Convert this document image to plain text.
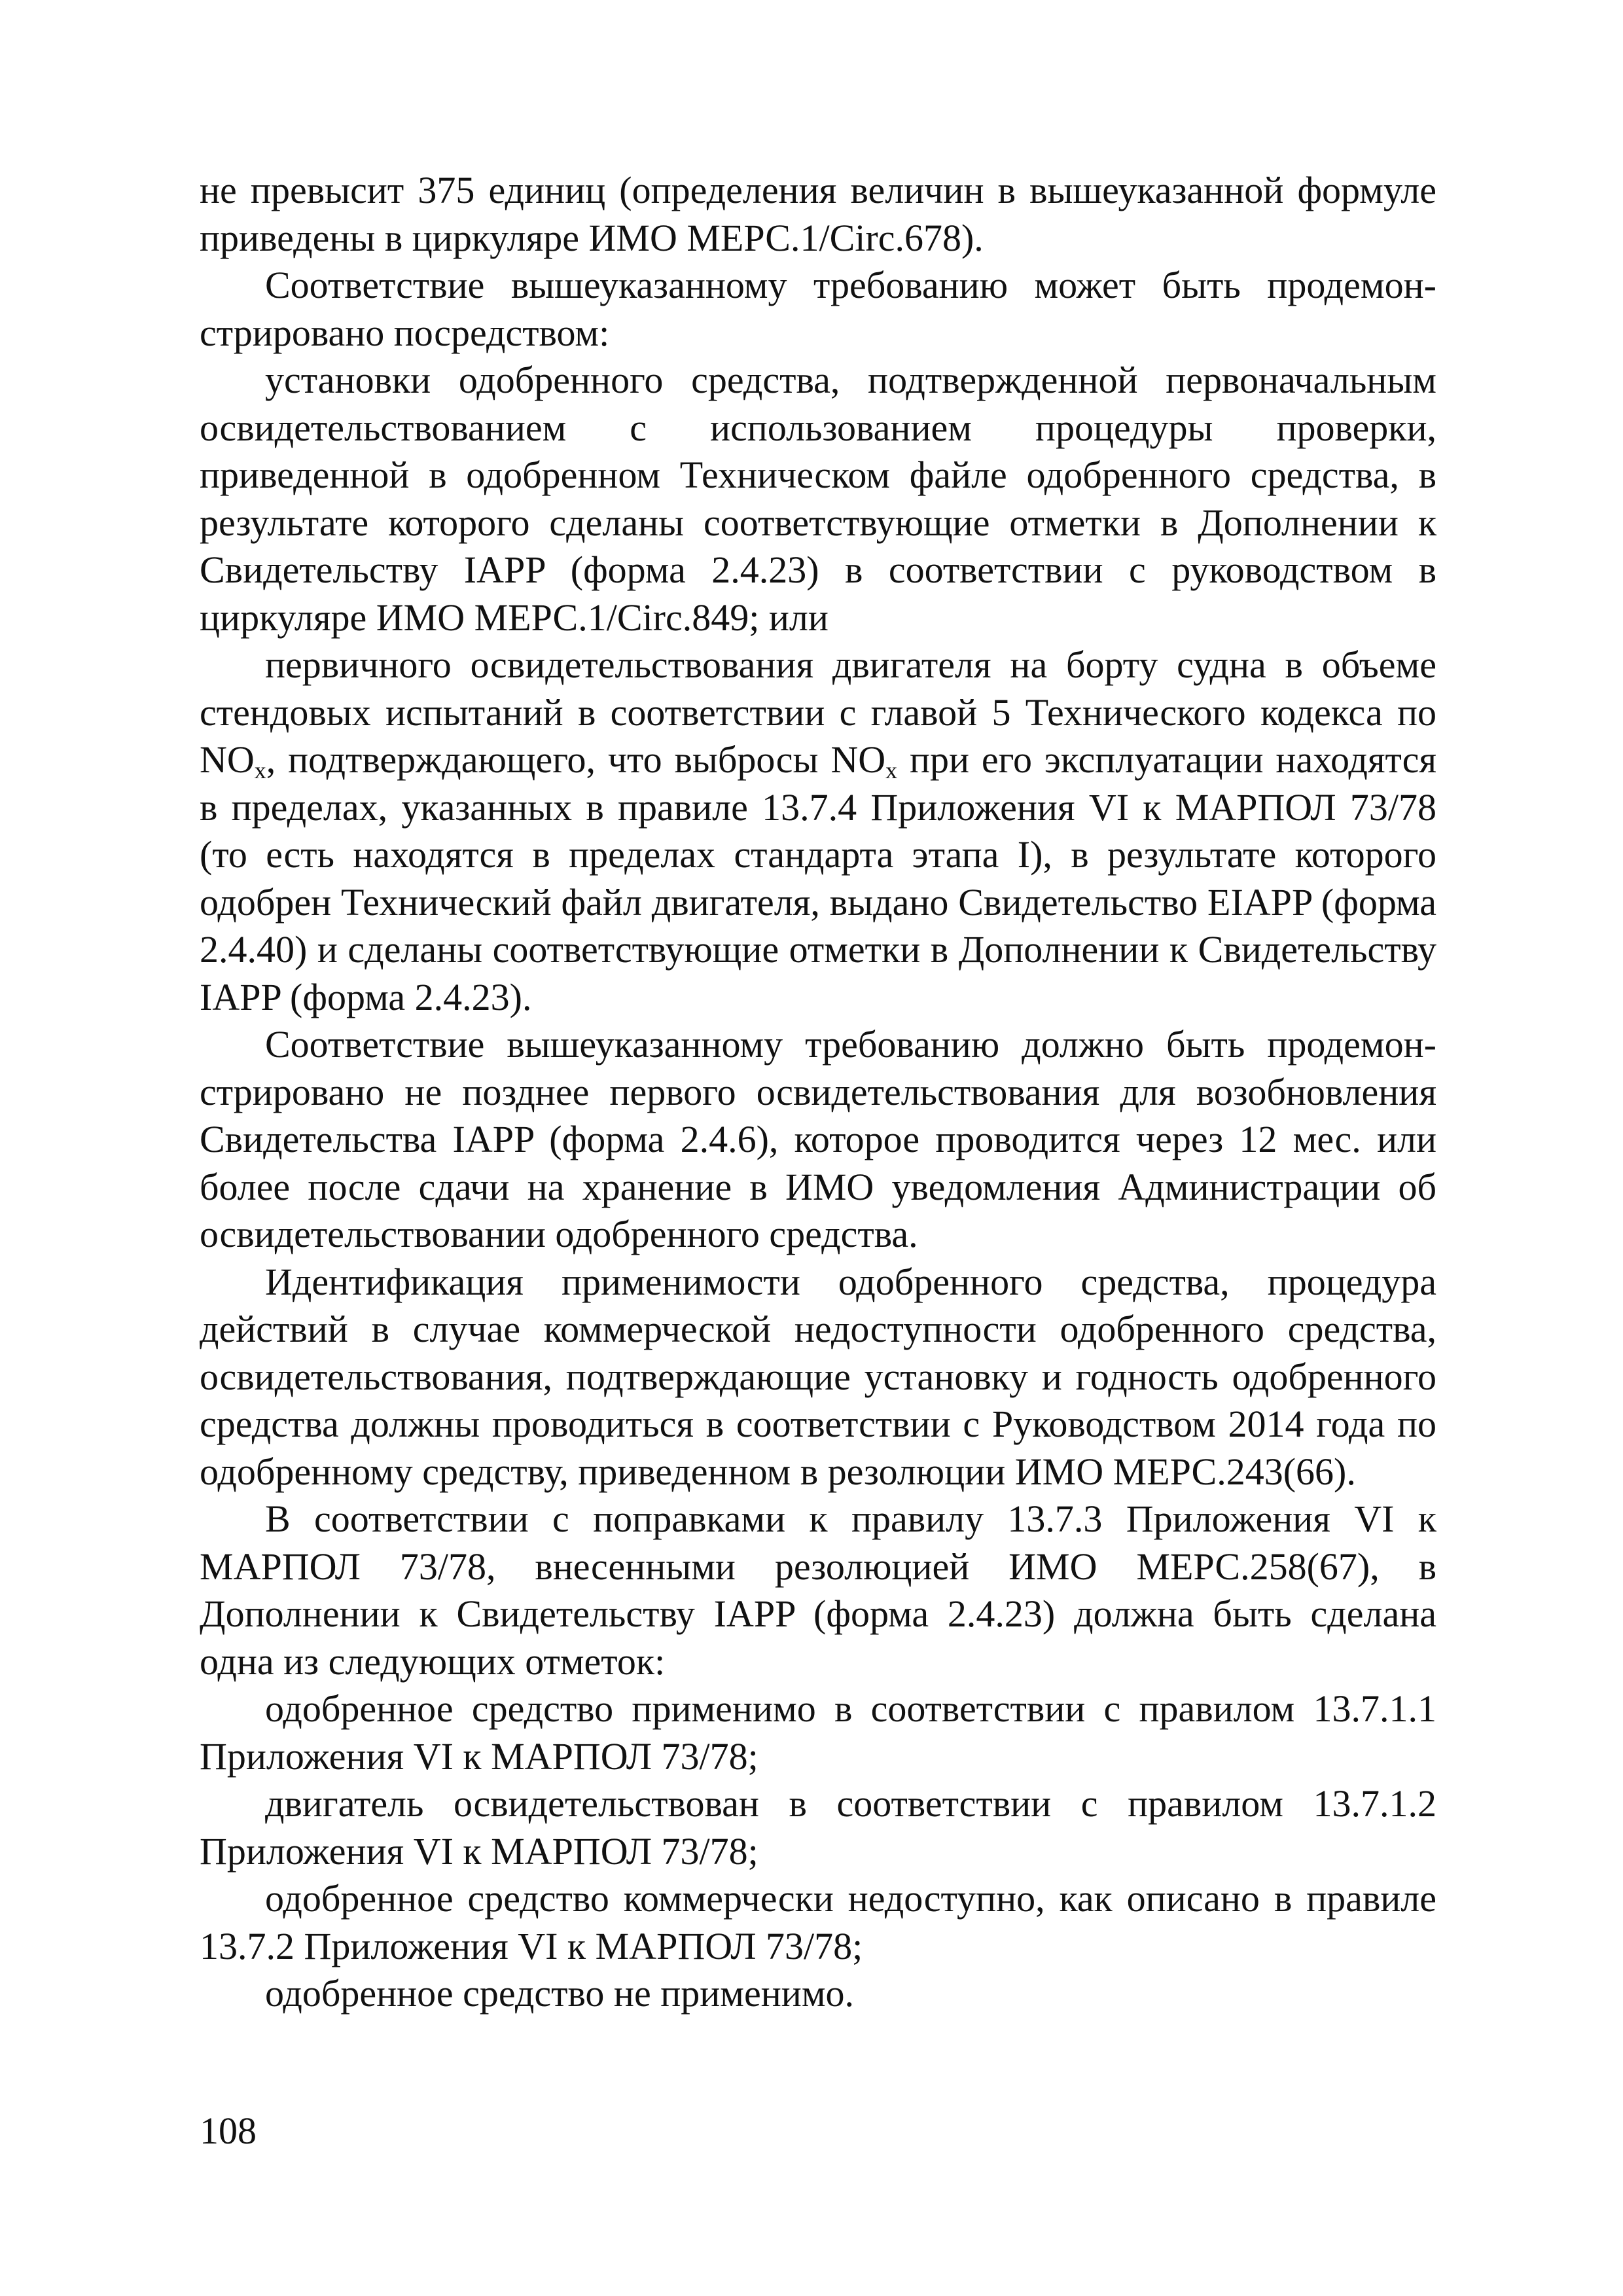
не превысит 375 единиц (определения величин в вышеуказанной формуле приведены в циркуляре ИМО МЕРС.1/Circ.678).

Соответствие вышеуказанному требованию может быть продемонстрировано посредством:

установки одобренного средства, подтвержденной первоначальным освидетельствованием с использованием процедуры проверки, приведенной в одобренном Техническом файле одобренного средства, в результате которого сделаны соответствующие отметки в Дополнении к Свидетельству IAPP (форма 2.4.23) в соответствии с руководством в циркуляре ИМО МЕРС.1/Circ.849; или

первичного освидетельствования двигателя на борту судна в объеме стендовых испытаний в соответствии с главой 5 Технического кодекса по $NO_x$, подтверждающего, что выбросы $NO_x$ при его эксплуатации находятся в пределах, указанных в правиле 13.7.4 Приложения VI к МАРПОЛ 73/78 (то есть находятся в пределах стандарта этапа I), в результате которого одобрен Технический файл двигателя, выдано Свидетельство EIAPP (форма 2.4.40) и сделаны соответствующие отметки в Дополнении к Свидетельству IAPP (форма 2.4.23).

Соответствие вышеуказанному требованию должно быть продемонстрировано не позднее первого освидетельствования для возобновления Свидетельства IAPP (форма 2.4.6), которое проводится через 12 мес. или более после сдачи на хранение в ИМО уведомления Администрации об освидетельствовании одобренного средства.

Идентификация применимости одобренного средства, процедура действий в случае коммерческой недоступности одобренного средства, освидетельствования, подтверждающие установку и годность одобренного средства должны проводиться в соответствии с Руководством 2014 года по одобренному средству, приведенном в резолюции ИМО МЕРС.243(66).

В соответствии с поправками к правилу 13.7.3 Приложения VI к МАРПОЛ 73/78, внесенными резолюцией ИМО МЕРС.258(67), в Дополнении к Свидетельству IAPP (форма 2.4.23) должна быть сделана одна из следующих отметок:

одобренное средство применимо в соответствии с правилом 13.7.1.1 Приложения VI к МАРПОЛ 73/78;

двигатель освидетельствован в соответствии с правилом 13.7.1.2 Приложения VI к МАРПОЛ 73/78;

одобренное средство коммерчески недоступно, как описано в правиле 13.7.2 Приложения VI к МАРПОЛ 73/78;

одобренное средство не применимо.

108
